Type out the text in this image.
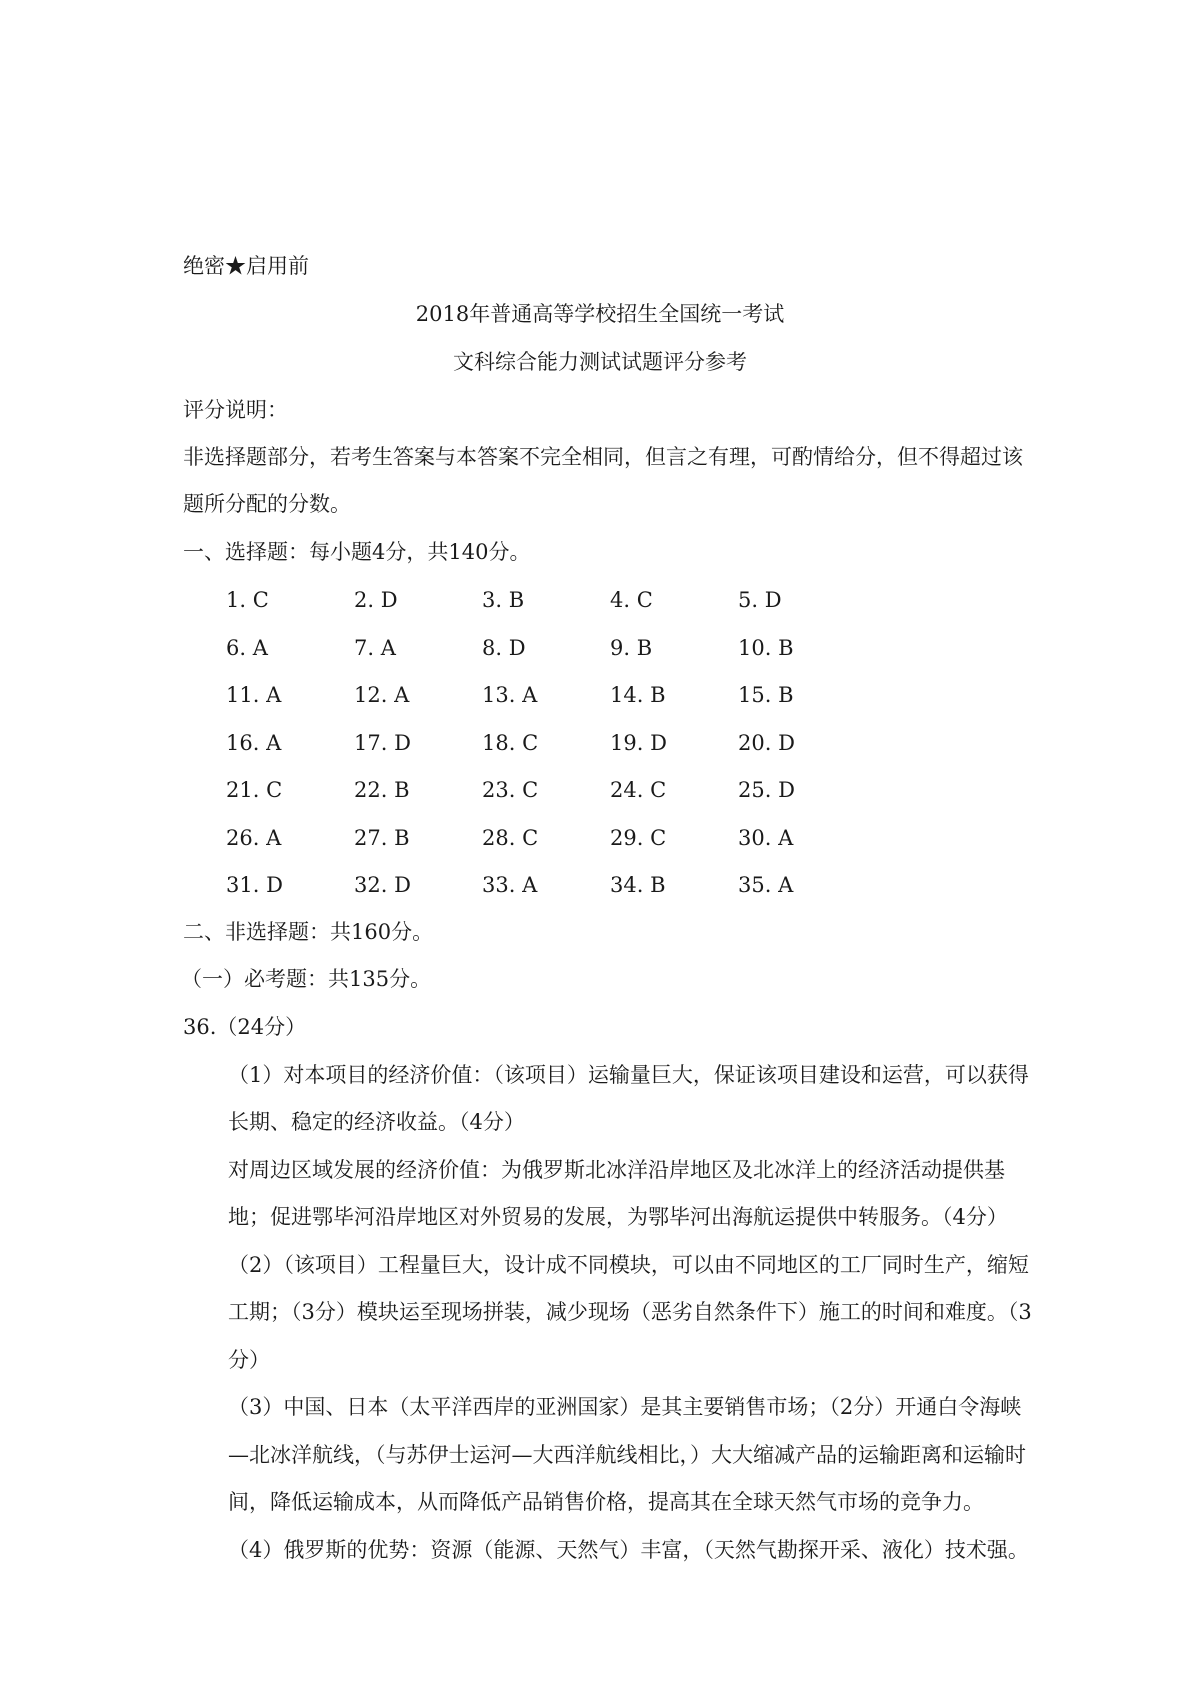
绝密★启用前
2018年普通高等学校招生全国统一考试
文科综合能力测试试题评分参考
评分说明：
非选择题部分，若考生答案与本答案不完全相同，但言之有理，可酌情给分，但不得超过该
题所分配的分数。
一、选择题：每小题4分，共140分。
1. C	2. D	3. B	4. C	5. D
6. A	7. A	8. D	9. B	10. B
11. A	12. A	13. A	14. B	15. B
16. A	17. D	18. C	19. D	20. D
21. C	22. B	23. C	24. C	25. D
26. A	27. B	28. C	29. C	30. A
31. D	32. D	33. A	34. B	35. A
二、非选择题：共160分。
（一）必考题：共135分。
36.（24分）
（1）对本项目的经济价值：（该项目）运输量巨大，保证该项目建设和运营，可以获得
长期、稳定的经济收益。（4分）
对周边区域发展的经济价值：为俄罗斯北冰洋沿岸地区及北冰洋上的经济活动提供基
地；促进鄂毕河沿岸地区对外贸易的发展，为鄂毕河出海航运提供中转服务。（4分）
（2）（该项目）工程量巨大，设计成不同模块，可以由不同地区的工厂同时生产，缩短
工期；（3分）模块运至现场拼装，减少现场（恶劣自然条件下）施工的时间和难度。（3
分）
（3）中国、日本（太平洋西岸的亚洲国家）是其主要销售市场；（2分）开通白令海峡
—北冰洋航线，（与苏伊士运河—大西洋航线相比，）大大缩减产品的运输距离和运输时
间，降低运输成本，从而降低产品销售价格，提高其在全球天然气市场的竞争力。
（4）俄罗斯的优势：资源（能源、天然气）丰富，（天然气勘探开采、液化）技术强。
